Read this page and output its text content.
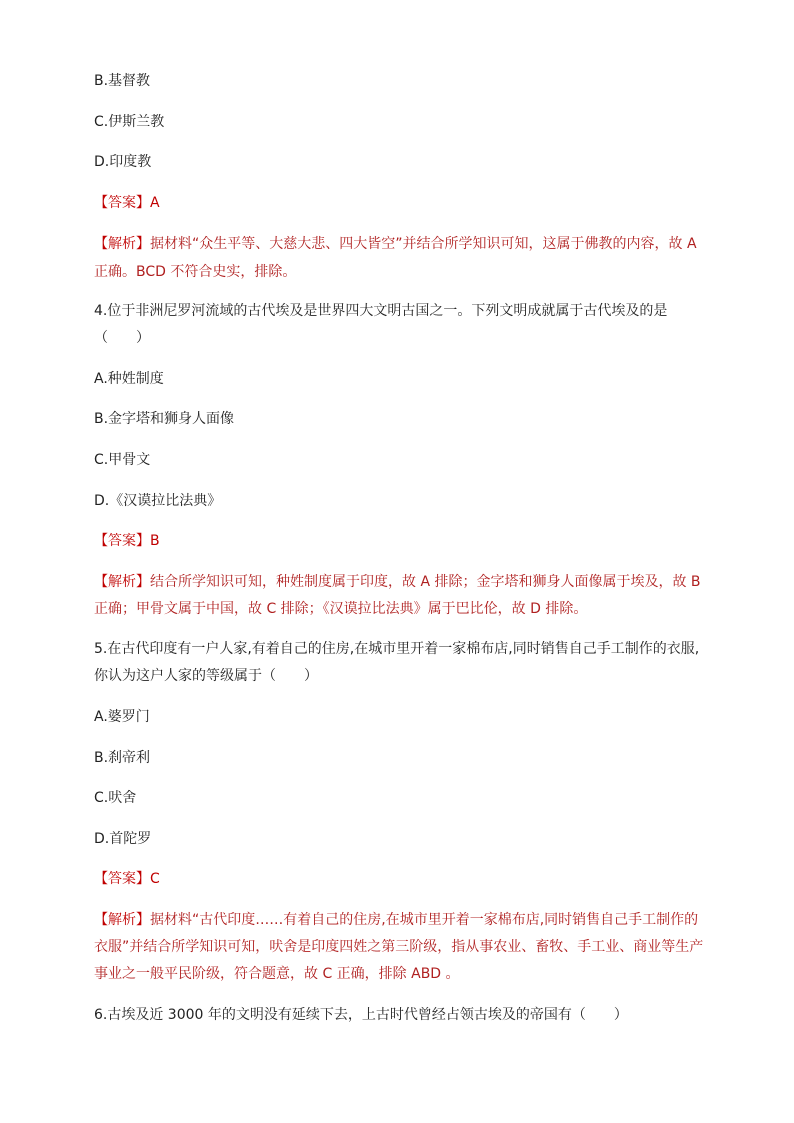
B.基督教
C.伊斯兰教
D.印度教
【答案】A
【解析】据材料“众生平等、大慈大悲、四大皆空”并结合所学知识可知，这属于佛教的内容，故 A
正确。BCD 不符合史实，排除。
4.位于非洲尼罗河流域的古代埃及是世界四大文明古国之一。下列文明成就属于古代埃及的是
（　　）
A.种姓制度
B.金字塔和狮身人面像
C.甲骨文
D.《汉谟拉比法典》
【答案】B
【解析】结合所学知识可知，种姓制度属于印度，故 A 排除；金字塔和狮身人面像属于埃及，故 B
正确；甲骨文属于中国，故 C 排除；《汉谟拉比法典》属于巴比伦，故 D 排除。
5.在古代印度有一户人家,有着自己的住房,在城市里开着一家棉布店,同时销售自己手工制作的衣服,
你认为这户人家的等级属于（　　）
A.婆罗门
B.刹帝利
C.吠舍
D.首陀罗
【答案】C
【解析】据材料“古代印度……有着自己的住房,在城市里开着一家棉布店,同时销售自己手工制作的
衣服”并结合所学知识可知，吠舍是印度四姓之第三阶级，指从事农业、畜牧、手工业、商业等生产
事业之一般平民阶级，符合题意，故 C 正确，排除 ABD 。
6.古埃及近 3000 年的文明没有延续下去，上古时代曾经占领古埃及的帝国有（　　）
